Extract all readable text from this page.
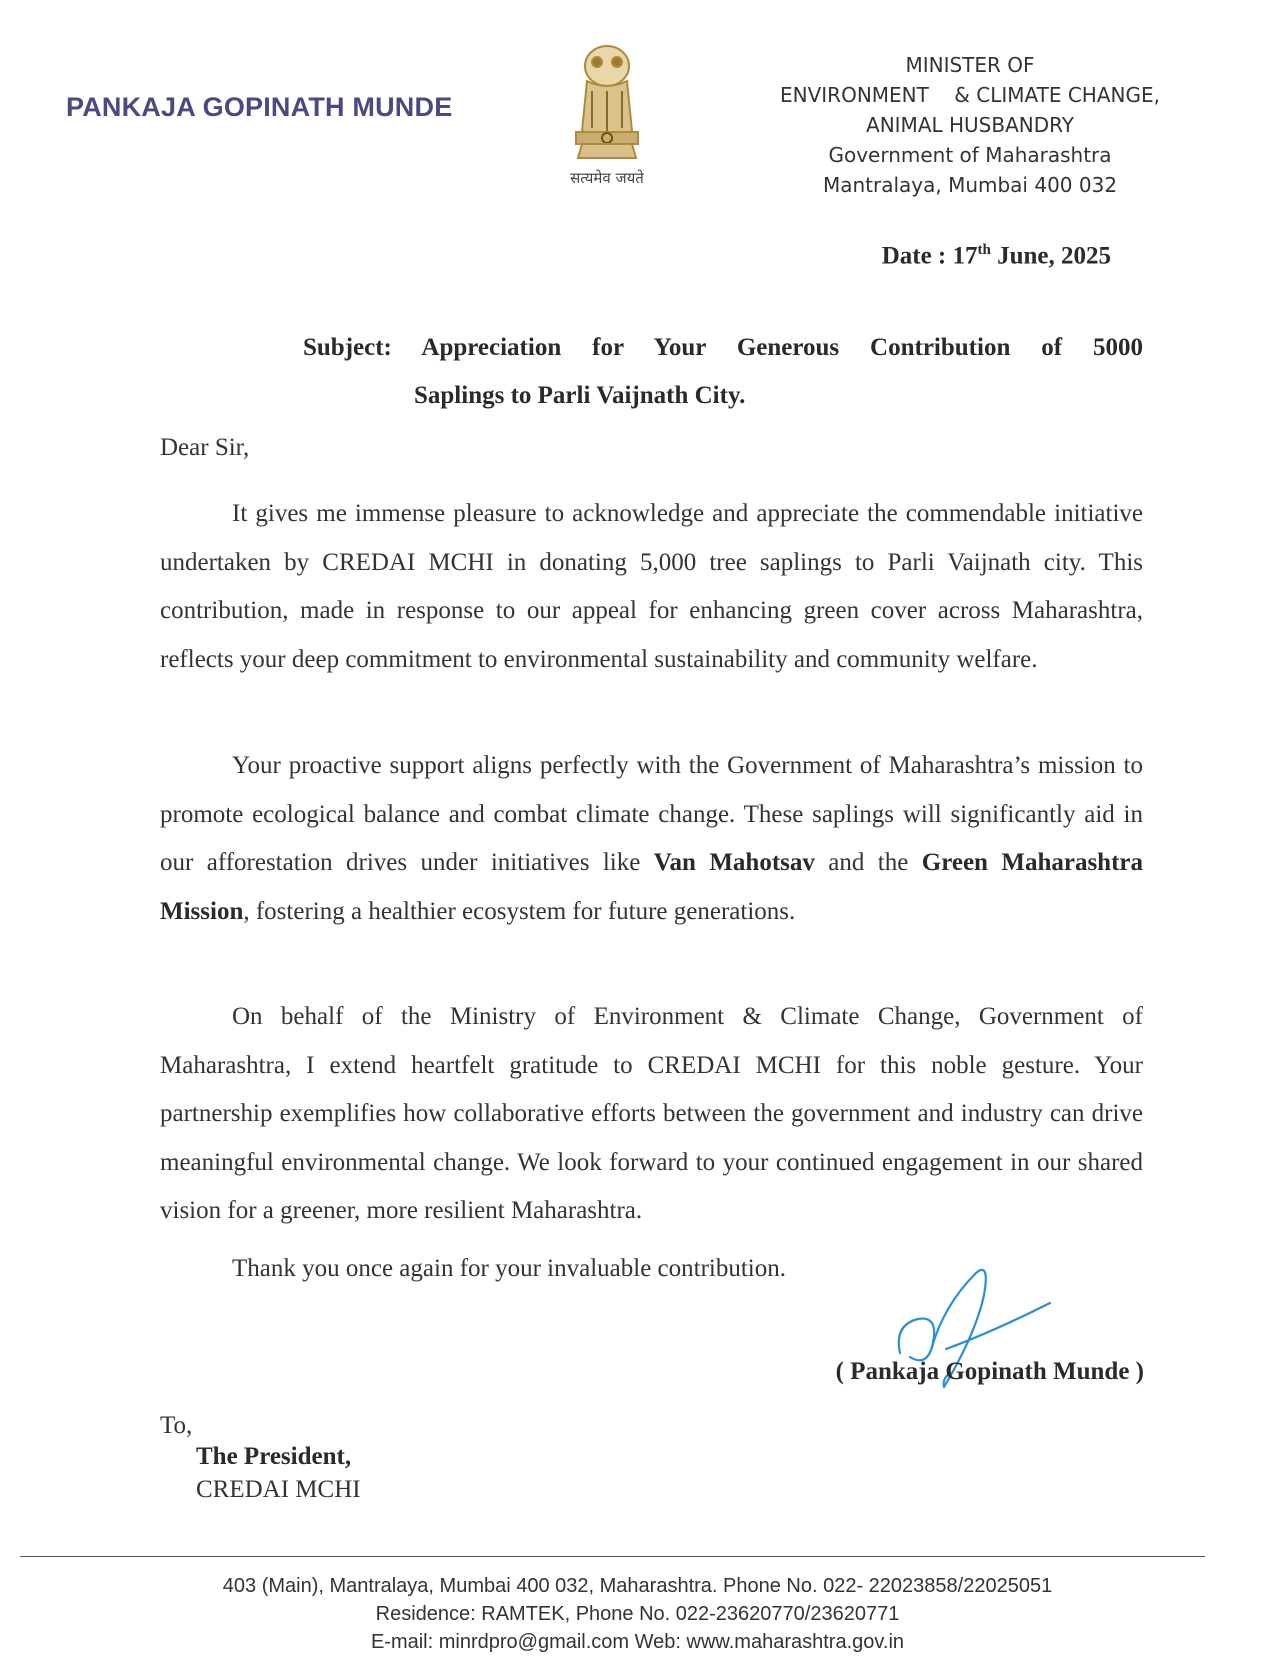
PANKAJA GOPINATH MUNDE
सत्यमेव जयते
MINISTER OF
ENVIRONMENT    & CLIMATE CHANGE,
ANIMAL HUSBANDRY
Government of Maharashtra
Mantralaya, Mumbai 400 032
Date : 17th June, 2025
Subject: Appreciation for Your Generous Contribution of 5000
Saplings to Parli Vaijnath City.
Dear Sir,
It gives me immense pleasure to acknowledge and appreciate the commendable initiative undertaken by CREDAI MCHI in donating 5,000 tree saplings to Parli Vaijnath city. This contribution, made in response to our appeal for enhancing green cover across Maharashtra, reflects your deep commitment to environmental sustainability and community welfare.
Your proactive support aligns perfectly with the Government of Maharashtra’s mission to promote ecological balance and combat climate change. These saplings will significantly aid in our afforestation drives under initiatives like Van Mahotsav and the Green Maharashtra Mission, fostering a healthier ecosystem for future generations.
On behalf of the Ministry of Environment & Climate Change, Government of Maharashtra, I extend heartfelt gratitude to CREDAI MCHI for this noble gesture. Your partnership exemplifies how collaborative efforts between the government and industry can drive meaningful environmental change. We look forward to your continued engagement in our shared vision for a greener, more resilient Maharashtra.
Thank you once again for your invaluable contribution.
( Pankaja Gopinath Munde )
To,
The President,
CREDAI MCHI
403 (Main), Mantralaya, Mumbai 400 032, Maharashtra. Phone No. 022- 22023858/22025051
Residence: RAMTEK, Phone No. 022-23620770/23620771
E-mail: minrdpro@gmail.com Web: www.maharashtra.gov.in
